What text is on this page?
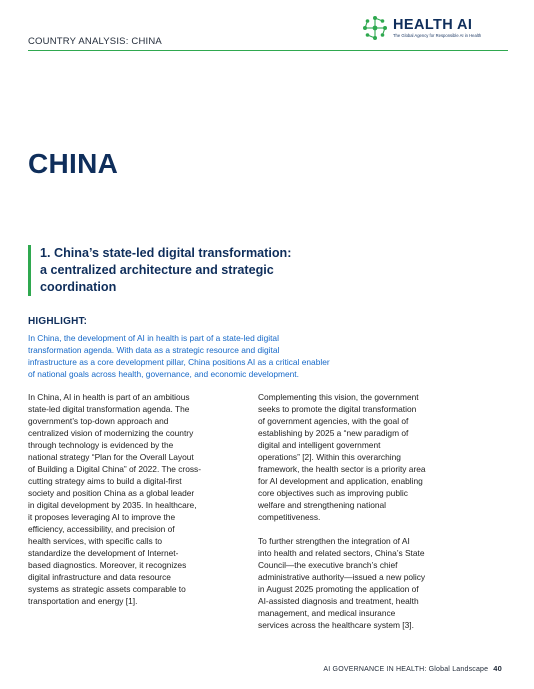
COUNTRY ANALYSIS: CHINA
HEALTH AI
The Global Agency for Responsible AI in Health
CHINA
1. China’s state-led digital transformation:
a centralized architecture and strategic
coordination
HIGHLIGHT:
In China, the development of AI in health is part of a state-led digital
transformation agenda. With data as a strategic resource and digital
infrastructure as a core development pillar, China positions AI as a critical enabler
of national goals across health, governance, and economic development.
In China, AI in health is part of an ambitious
state-led digital transformation agenda. The
government’s top-down approach and
centralized vision of modernizing the country
through technology is evidenced by the
national strategy “Plan for the Overall Layout
of Building a Digital China” of 2022. The cross-
cutting strategy aims to build a digital-first
society and position China as a global leader
in digital development by 2035. In healthcare,
it proposes leveraging AI to improve the
efficiency, accessibility, and precision of
health services, with specific calls to
standardize the development of Internet-
based diagnostics. Moreover, it recognizes
digital infrastructure and data resource
systems as strategic assets comparable to
transportation and energy [1].
Complementing this vision, the government
seeks to promote the digital transformation
of government agencies, with the goal of
establishing by 2025 a “new paradigm of
digital and intelligent government
operations” [2]. Within this overarching
framework, the health sector is a priority area
for AI development and application, enabling
core objectives such as improving public
welfare and strengthening national
competitiveness.
To further strengthen the integration of AI
into health and related sectors, China’s State
Council—the executive branch’s chief
administrative authority—issued a new policy
in August 2025 promoting the application of
AI-assisted diagnosis and treatment, health
management, and medical insurance
services across the healthcare system [3].
AI GOVERNANCE IN HEALTH: Global Landscape 40
